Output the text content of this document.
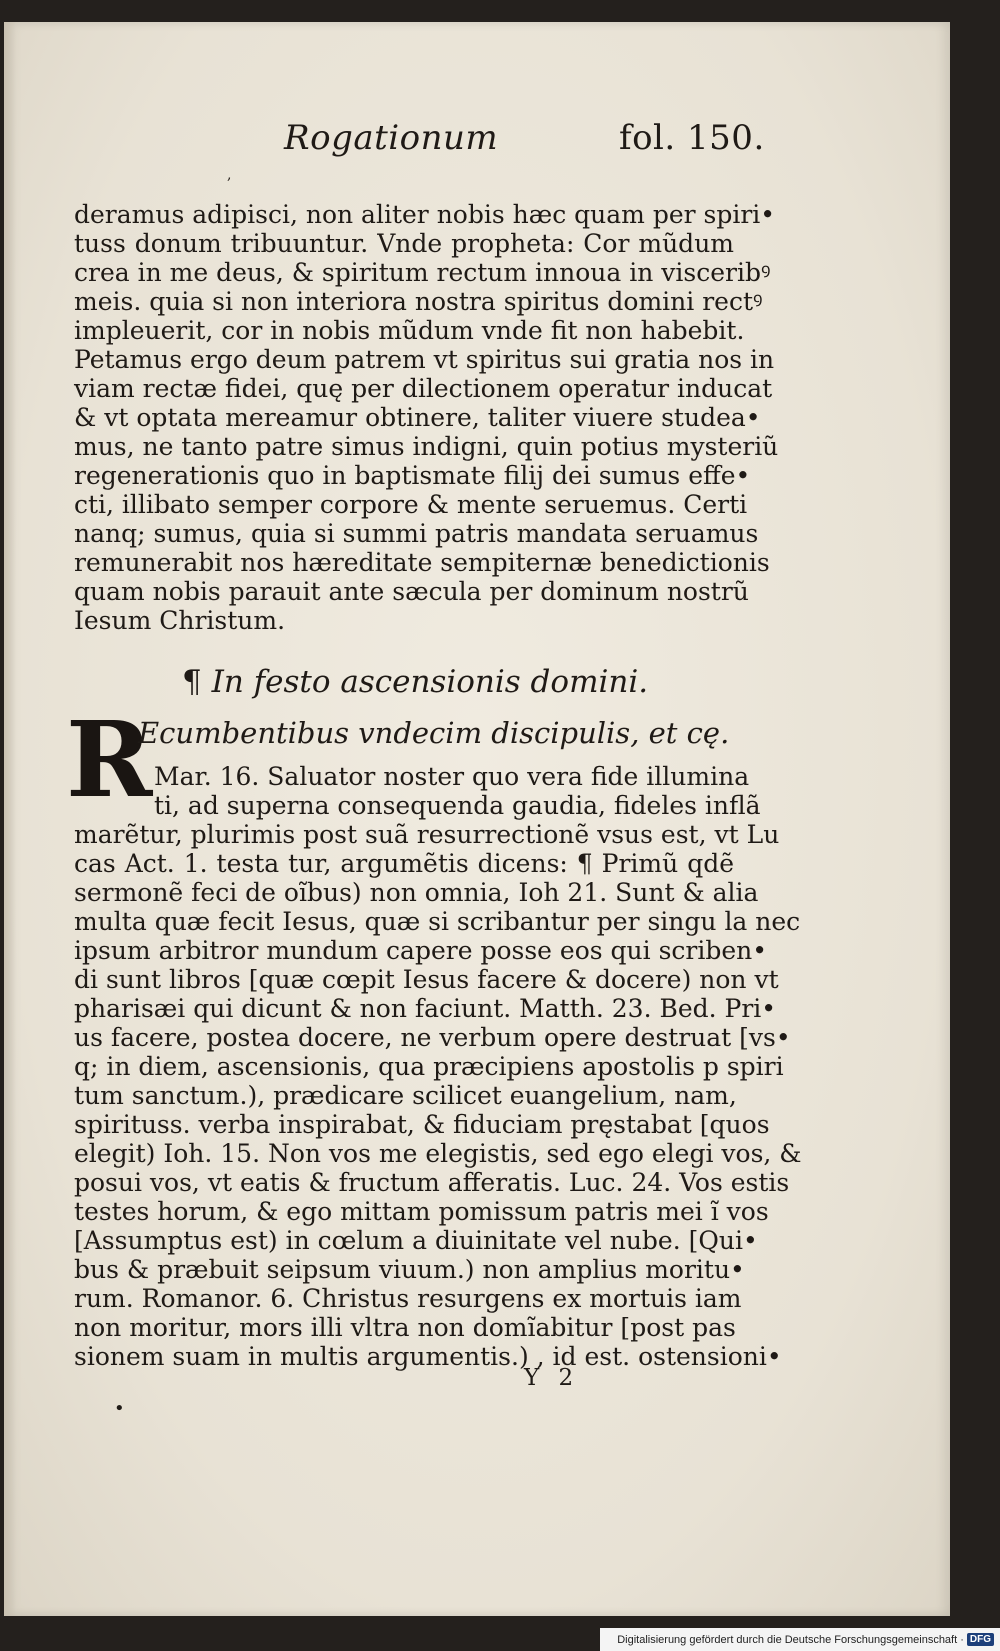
Rogationum	fol. 150.
,
deramus adipisci, non aliter nobis hæc quam per spiri•
tuss donum tribuuntur. Vnde propheta: Cor mũdum
crea in me deus, & spiritum rectum innoua in visceribꝰ
meis. quia si non interiora nostra spiritus domini rectꝰ
impleuerit, cor in nobis mũdum vnde fit non habebit.
Petamus ergo deum patrem vt spiritus sui gratia nos in
viam rectæ fidei, quę per dilectionem operatur inducat
& vt optata mereamur obtinere, taliter viuere studea•
mus, ne tanto patre simus indigni, quin potius mysteriũ
regenerationis quo in baptismate filij dei sumus effe•
cti, illibato semper corpore & mente seruemus. Certi
nanq; sumus, quia si summi patris mandata seruamus
remunerabit nos hæreditate sempiternæ benedictionis
quam nobis parauit ante sæcula per dominum nostrũ
Iesum Christum.
¶ In festo ascensionis domini.
R
Ecumbentibus vndecim discipulis, et cę.
Mar. 16. Saluator noster quo vera fide illumina
ti, ad superna consequenda gaudia, fideles inflã
marẽtur, plurimis post suã resurrectionẽ vsus est, vt Lu
cas Act. 1. testa tur, argumẽtis dicens: ¶ Primũ qdẽ
sermonẽ feci de oĩbus) non omnia, Ioh 21. Sunt & alia
multa quæ fecit Iesus, quæ si scribantur per singu la nec
ipsum arbitror mundum capere posse eos qui scriben•
di sunt libros [quæ cœpit Iesus facere & docere) non vt
pharisæi qui dicunt & non faciunt. Matth. 23. Bed. Pri•
us facere, postea docere, ne verbum opere destruat [vs•
q; in diem, ascensionis, qua præcipiens apostolis p spiri
tum sanctum.), prædicare scilicet euangelium, nam,
spirituss. verba inspirabat, & fiduciam pręstabat [quos
elegit) Ioh. 15. Non vos me elegistis, sed ego elegi vos, &
posui vos, vt eatis & fructum afferatis. Luc. 24. Vos estis
testes horum, & ego mittam pomissum patris mei ĩ vos
[Assumptus est) in cœlum a diuinitate vel nube. [Qui•
bus & præbuit seipsum viuum.) non amplius moritu•
rum. Romanor. 6. Christus resurgens ex mortuis iam
non moritur, mors illi vltra non domĩabitur [post pas
sionem suam in multis argumentis.) , id est. ostensioni•
Y 2
•
Digitalisierung gefördert durch die Deutsche Forschungsgemeinschaft · DFG
